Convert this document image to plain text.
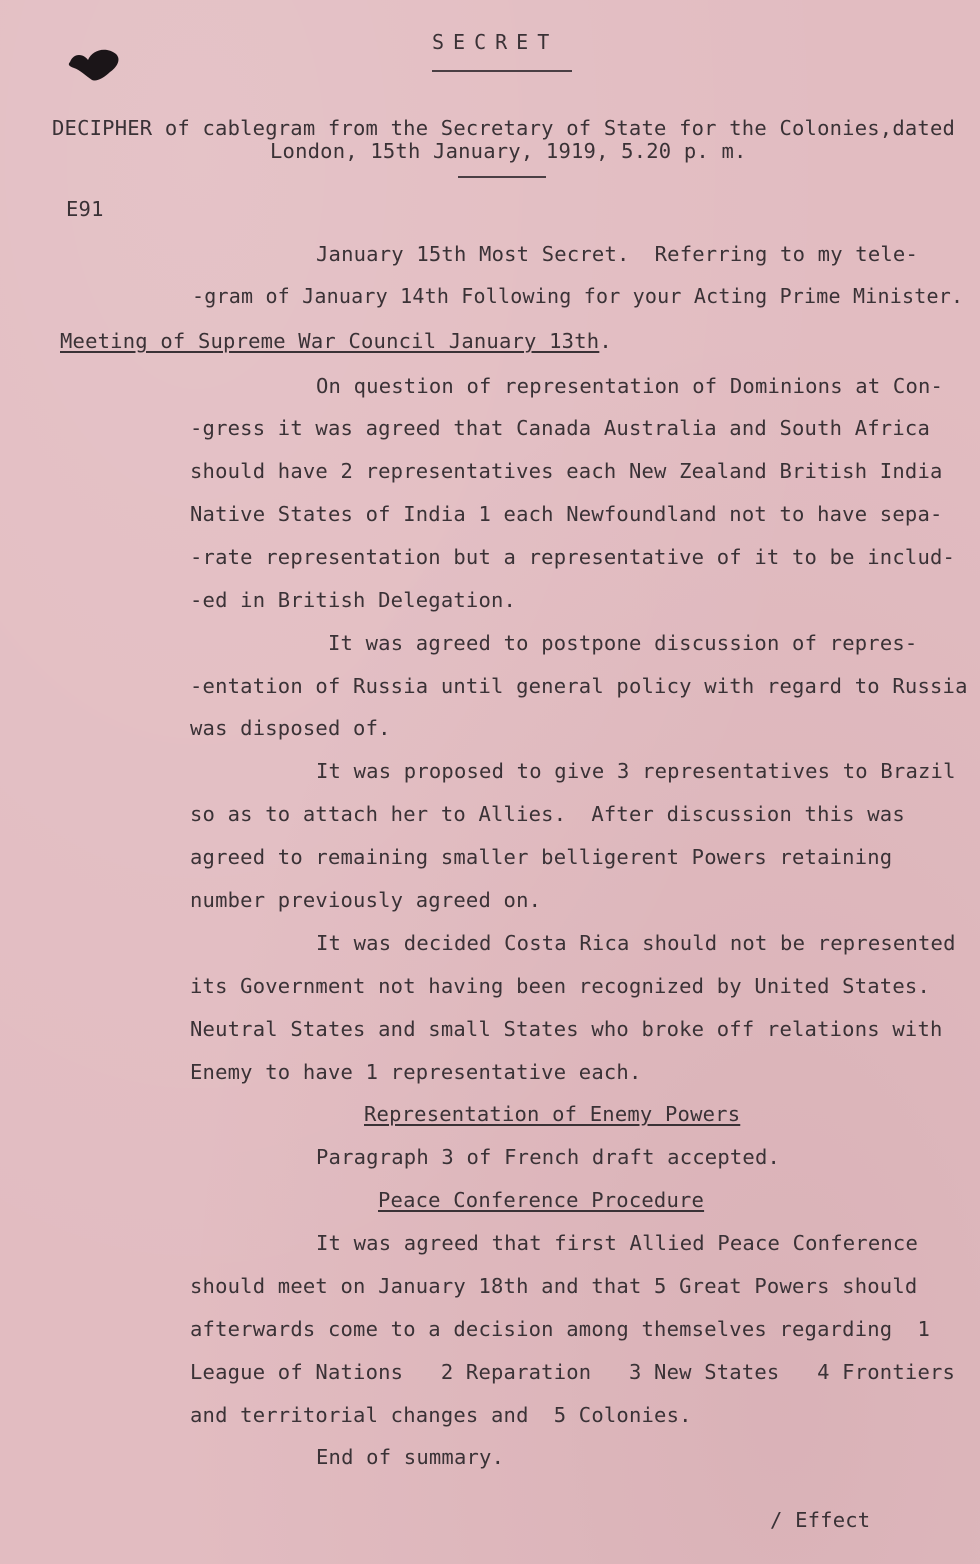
SECRET
DECIPHER of cablegram from the Secretary of State for the Colonies,dated
London, 15th January, 1919, 5.20 p. m.
E91
January 15th Most Secret.  Referring to my tele-
-gram of January 14th Following for your Acting Prime Minister.
Meeting of Supreme War Council January 13th.
On question of representation of Dominions at Con-
-gress it was agreed that Canada Australia and South Africa
should have 2 representatives each New Zealand British India
Native States of India 1 each Newfoundland not to have sepa-
-rate representation but a representative of it to be includ-
-ed in British Delegation.
It was agreed to postpone discussion of repres-
-entation of Russia until general policy with regard to Russia
was disposed of.
It was proposed to give 3 representatives to Brazil
so as to attach her to Allies.  After discussion this was
agreed to remaining smaller belligerent Powers retaining
number previously agreed on.
It was decided Costa Rica should not be represented
its Government not having been recognized by United States.
Neutral States and small States who broke off relations with
Enemy to have 1 representative each.
Representation of Enemy Powers
Paragraph 3 of French draft accepted.
Peace Conference Procedure
It was agreed that first Allied Peace Conference
should meet on January 18th and that 5 Great Powers should
afterwards come to a decision among themselves regarding  1
League of Nations   2 Reparation   3 New States   4 Frontiers
and territorial changes and  5 Colonies.
End of summary.
/ Effect
